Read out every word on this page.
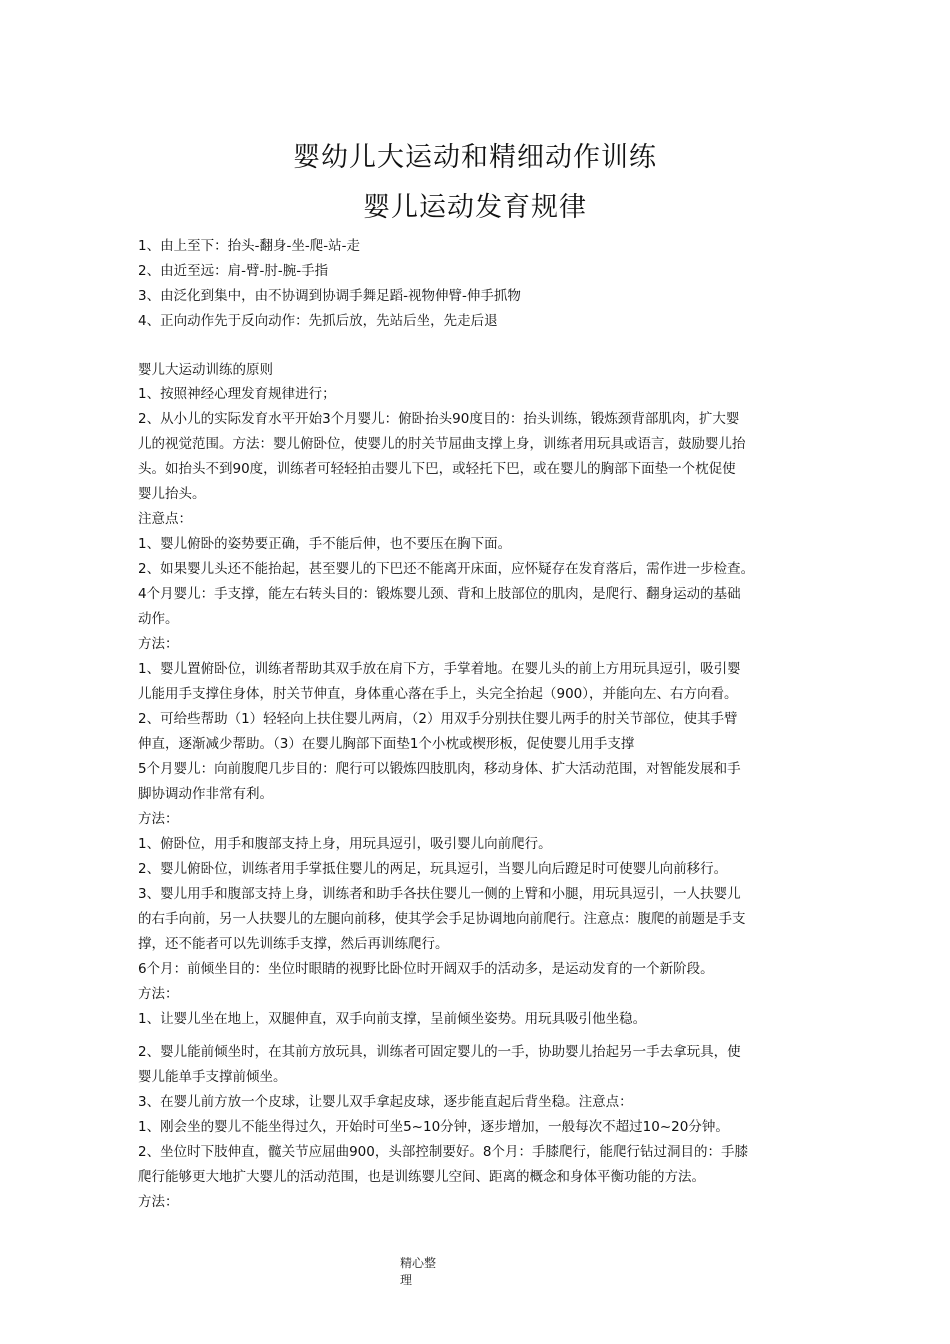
婴幼儿大运动和精细动作训练
婴儿运动发育规律
1、由上至下：抬头-翻身-坐-爬-站-走
2、由近至远：肩-臂-肘-腕-手指
3、由泛化到集中，由不协调到协调手舞足蹈-视物伸臂-伸手抓物
4、正向动作先于反向动作：先抓后放，先站后坐，先走后退
婴儿大运动训练的原则
1、按照神经心理发育规律进行；
2、从小儿的实际发育水平开始3个月婴儿：俯卧抬头90度目的：抬头训练，锻炼颈背部肌肉，扩大婴
儿的视觉范围。方法：婴儿俯卧位，使婴儿的肘关节屈曲支撑上身，训练者用玩具或语言，鼓励婴儿抬
头。如抬头不到90度，训练者可轻轻拍击婴儿下巴，或轻托下巴，或在婴儿的胸部下面垫一个枕促使
婴儿抬头。
注意点：
1、婴儿俯卧的姿势要正确，手不能后伸，也不要压在胸下面。
2、如果婴儿头还不能抬起，甚至婴儿的下巴还不能离开床面，应怀疑存在发育落后，需作进一步检查。
4个月婴儿：手支撑，能左右转头目的：锻炼婴儿颈、背和上肢部位的肌肉，是爬行、翻身运动的基础
动作。
方法：
1、婴儿置俯卧位，训练者帮助其双手放在肩下方，手掌着地。在婴儿头的前上方用玩具逗引，吸引婴
儿能用手支撑住身体，肘关节伸直，身体重心落在手上，头完全抬起（900），并能向左、右方向看。
2、可给些帮助（1）轻轻向上扶住婴儿两肩，（2）用双手分别扶住婴儿两手的肘关节部位，使其手臂
伸直，逐渐减少帮助。（3）在婴儿胸部下面垫1个小枕或楔形板，促使婴儿用手支撑
5个月婴儿：向前腹爬几步目的：爬行可以锻炼四肢肌肉，移动身体、扩大活动范围，对智能发展和手
脚协调动作非常有利。
方法：
1、俯卧位，用手和腹部支持上身，用玩具逗引，吸引婴儿向前爬行。
2、婴儿俯卧位，训练者用手掌抵住婴儿的两足，玩具逗引，当婴儿向后蹬足时可使婴儿向前移行。
3、婴儿用手和腹部支持上身，训练者和助手各扶住婴儿一侧的上臂和小腿，用玩具逗引，一人扶婴儿
的右手向前，另一人扶婴儿的左腿向前移，使其学会手足协调地向前爬行。注意点：腹爬的前题是手支
撑，还不能者可以先训练手支撑，然后再训练爬行。
6个月：前倾坐目的：坐位时眼睛的视野比卧位时开阔双手的活动多，是运动发育的一个新阶段。
方法：
1、让婴儿坐在地上，双腿伸直，双手向前支撑，呈前倾坐姿势。用玩具吸引他坐稳。
2、婴儿能前倾坐时，在其前方放玩具，训练者可固定婴儿的一手，协助婴儿抬起另一手去拿玩具，使
婴儿能单手支撑前倾坐。
3、在婴儿前方放一个皮球，让婴儿双手拿起皮球，逐步能直起后背坐稳。注意点：
1、刚会坐的婴儿不能坐得过久，开始时可坐5~10分钟，逐步增加，一般每次不超过10~20分钟。
2、坐位时下肢伸直，髋关节应屈曲900，头部控制要好。8个月：手膝爬行，能爬行钻过洞目的：手膝
爬行能够更大地扩大婴儿的活动范围，也是训练婴儿空间、距离的概念和身体平衡功能的方法。
方法：
精心整
理
